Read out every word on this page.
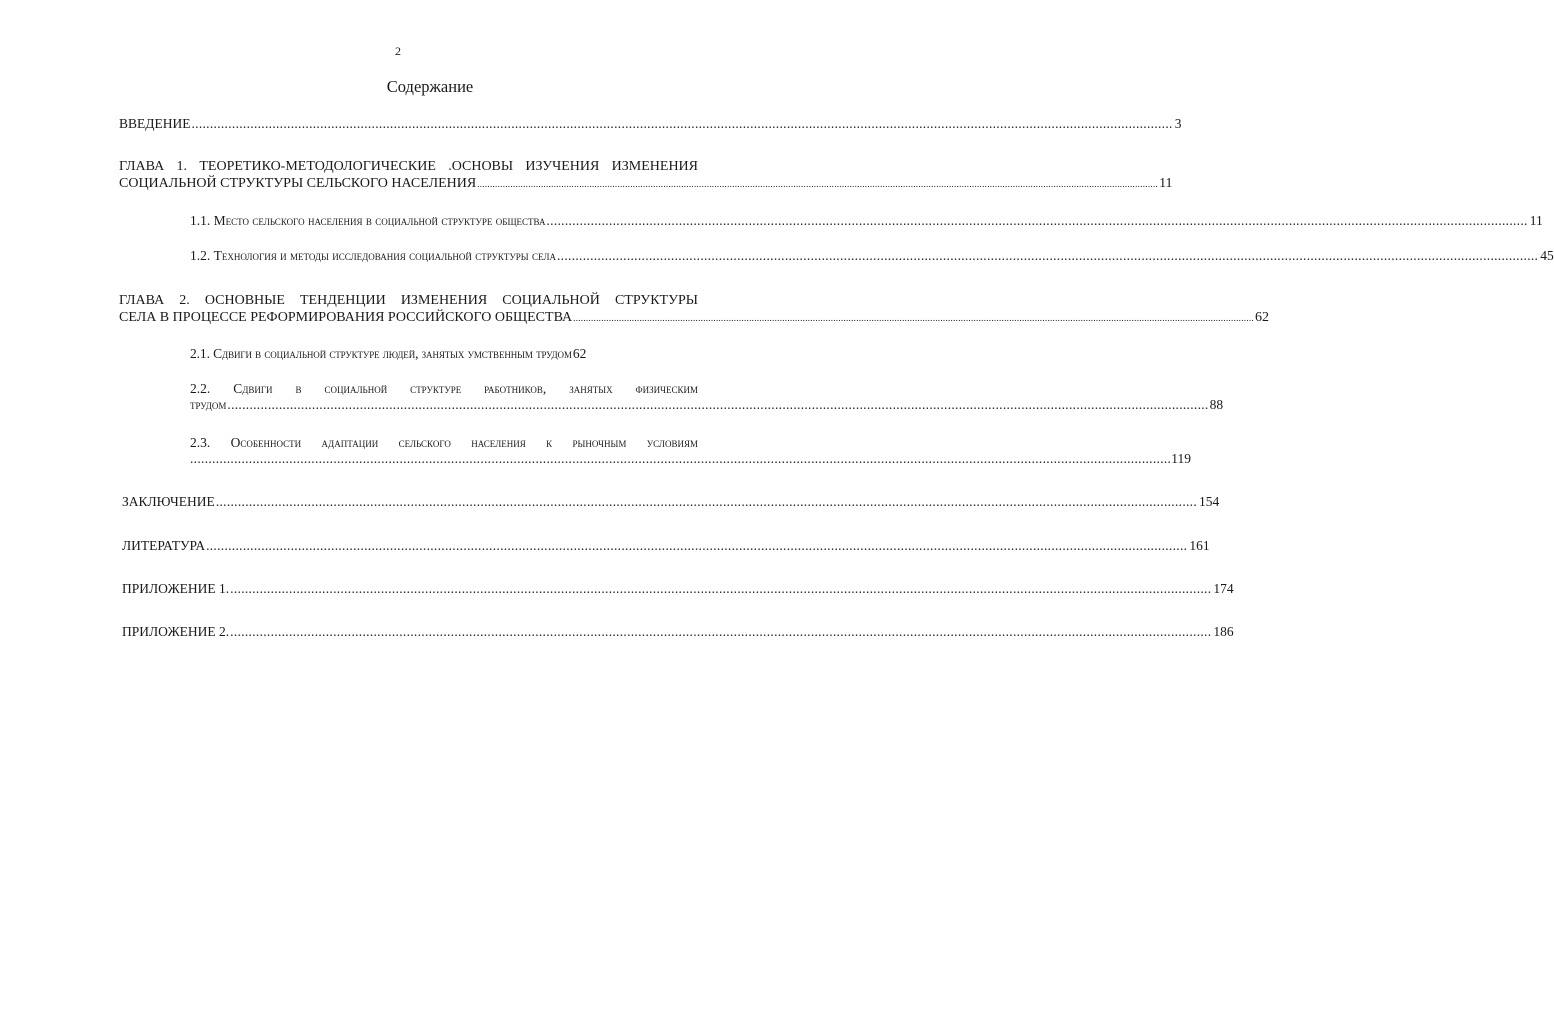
2
Содержание
ВВЕДЕНИЕ ........................................................................................................................................................................................................................................................................... 3
ГЛАВА 1. ТЕОРЕТИКО-МЕТОДОЛОГИЧЕСКИЕ .ОСНОВЫ ИЗУЧЕНИЯ ИЗМЕНЕНИЯ
СОЦИАЛЬНОЙ СТРУКТУРЫ СЕЛЬСКОГО НАСЕЛЕНИЯ ........................................................................................................................................................................................................................................................................... 11
1.1. Место сельского населения в социальной структуре общества ........................................................................................................................................................................................................................................................................... 11
1.2. Технология и методы исследования социальной структуры села ........................................................................................................................................................................................................................................................................... 45
ГЛАВА 2. ОСНОВНЫЕ ТЕНДЕНЦИИ ИЗМЕНЕНИЯ СОЦИАЛЬНОЙ СТРУКТУРЫ
СЕЛА В ПРОЦЕССЕ РЕФОРМИРОВАНИЯ РОССИЙСКОГО ОБЩЕСТВА ........................................................................................................................................................................................................................................................................... 62
2.1. Сдвиги в социальной структуре людей, занятых умственным трудом 62
2.2. Сдвиги в социальной структуре работников, занятых физическим
трудом ........................................................................................................................................................................................................................................................................... 88
2.3. Особенности адаптации сельского населения к рыночным условиям
........................................................................................................................................................................................................................................................................... 119
ЗАКЛЮЧЕНИЕ ........................................................................................................................................................................................................................................................................... 154
ЛИТЕРАТУРА ........................................................................................................................................................................................................................................................................... 161
ПРИЛОЖЕНИЕ 1. ........................................................................................................................................................................................................................................................................... 174
ПРИЛОЖЕНИЕ 2. ........................................................................................................................................................................................................................................................................... 186
